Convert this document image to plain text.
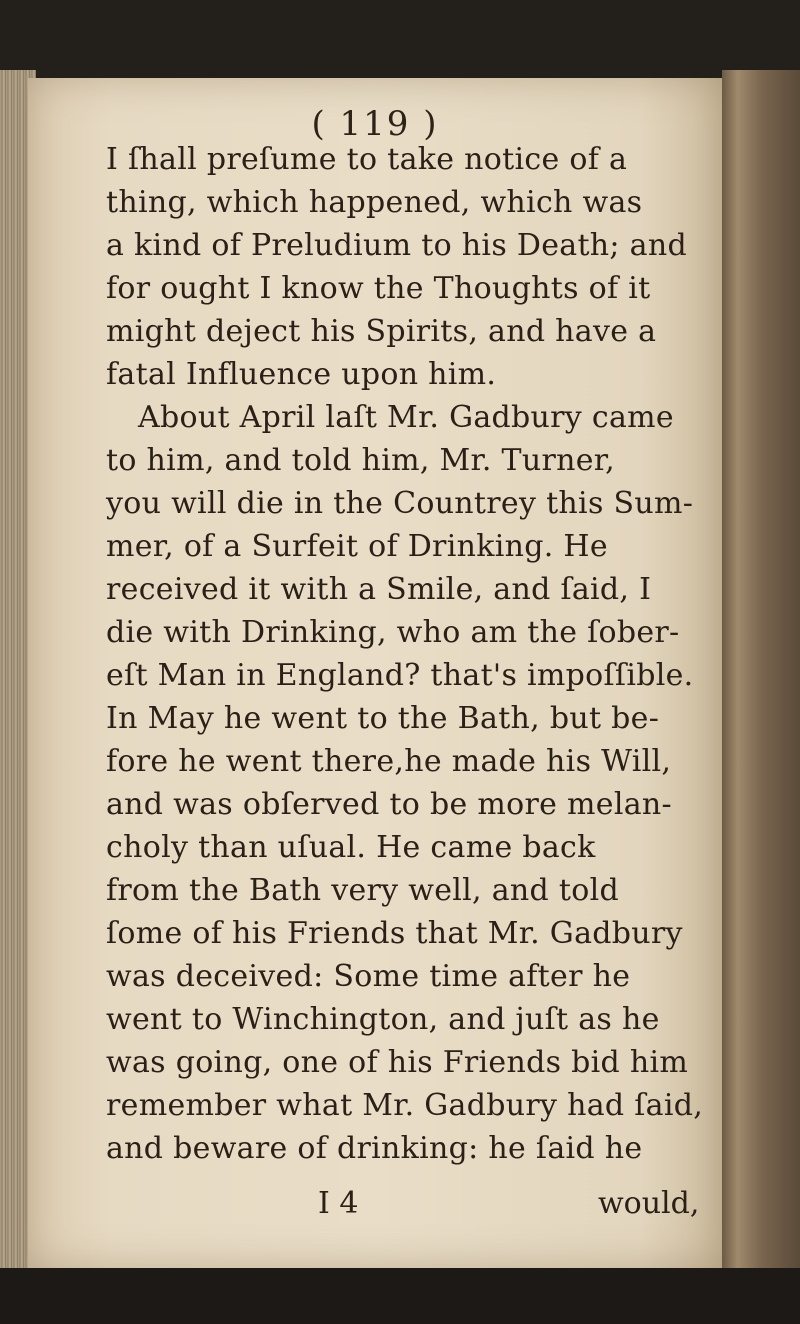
( 119 )
I ſhall preſume to take notice of a
thing, which happened, which was
a kind of Preludium to his Death; and
for ought I know the Thoughts of it
might deject his Spirits, and have a
fatal Influence upon him.
About April laſt Mr. Gadbury came
to him, and told him, Mr. Turner,
you will die in the Countrey this Sum-
mer, of a Surfeit of Drinking. He
received it with a Smile, and ſaid, I
die with Drinking, who am the ſober-
eſt Man in England? that's impoſſible.
In May he went to the Bath, but be-
fore he went there,he made his Will,
and was obſerved to be more melan-
choly than uſual. He came back
from the Bath very well, and told
ſome of his Friends that Mr. Gadbury
was deceived: Some time after he
went to Winchington, and juſt as he
was going, one of his Friends bid him
remember what Mr. Gadbury had ſaid,
and beware of drinking: he ſaid he
I 4	would,
